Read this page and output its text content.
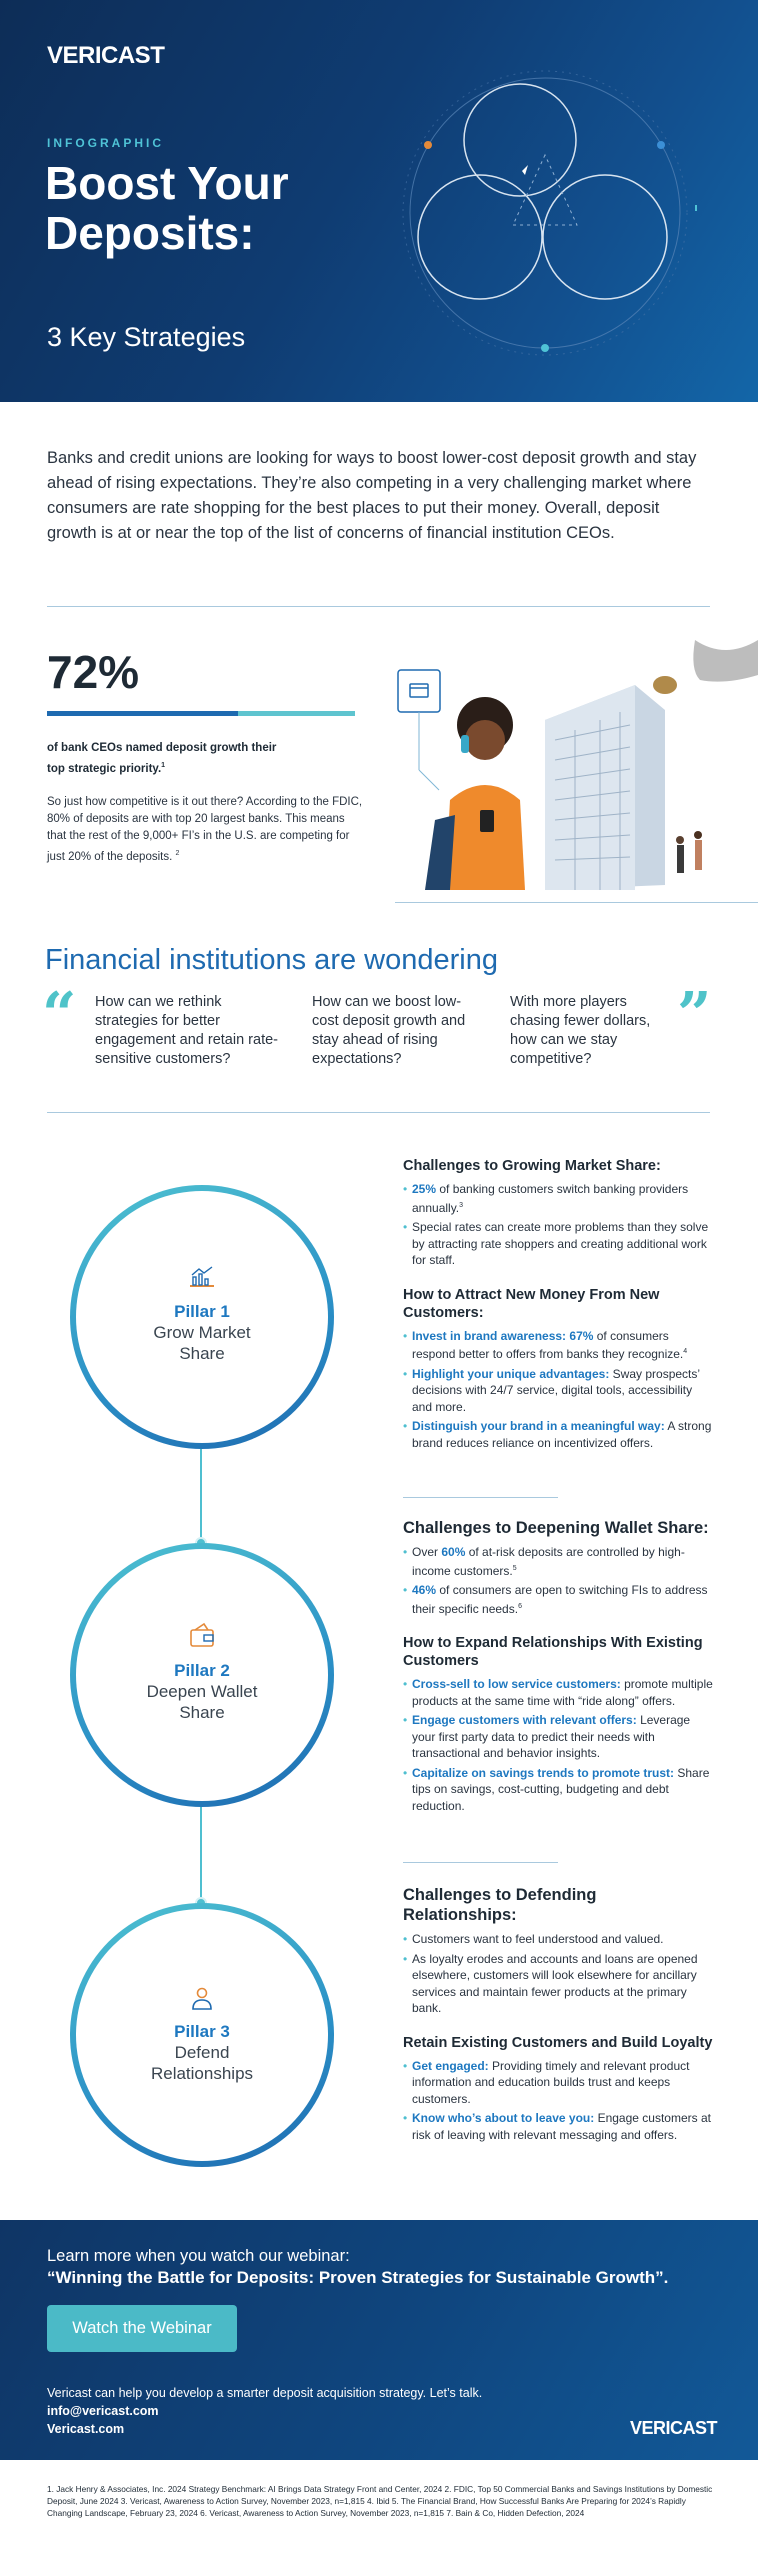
VERICAST
INFOGRAPHIC
Boost Your Deposits:
3 Key Strategies
Banks and credit unions are looking for ways to boost lower-cost deposit growth and stay ahead of rising expectations. They’re also competing in a very challenging market where consumers are rate shopping for the best places to put their money. Overall, deposit growth is at or near the top of the list of concerns of financial institution CEOs.
72%
of bank CEOs named deposit growth their top strategic priority.$^1$
So just how competitive is it out there? According to the FDIC, 80% of deposits are with top 20 largest banks. This means that the rest of the 9,000+ FI’s in the U.S. are competing for just 20% of the deposits. $^2$
Financial institutions are wondering
“ How can we rethink strategies for better engagement and retain rate-sensitive customers?
How can we boost low-cost deposit growth and stay ahead of rising expectations?
With more players chasing fewer dollars, how can we stay competitive?
”
Pillar 1
Grow Market
Share
Pillar 2
Deepen Wallet
Share
Pillar 3
Defend
Relationships
Challenges to Growing Market Share:
• 25% of banking customers switch banking providers annually.$^3$
• Special rates can create more problems than they solve by attracting rate shoppers and creating additional work for staff.
How to Attract New Money From New Customers:
• Invest in brand awareness: 67% of consumers respond better to offers from banks they recognize.$^4$
• Highlight your unique advantages: Sway prospects’ decisions with 24/7 service, digital tools, accessibility and more.
• Distinguish your brand in a meaningful way: A strong brand reduces reliance on incentivized offers.
Challenges to Deepening Wallet Share:
• Over 60% of at-risk deposits are controlled by high-income customers.$^5$
• 46% of consumers are open to switching FIs to address their specific needs.$^6$
How to Expand Relationships With Existing Customers
• Cross-sell to low service customers: promote multiple products at the same time with “ride along” offers.
• Engage customers with relevant offers: Leverage your first party data to predict their needs with transactional and behavior insights.
• Capitalize on savings trends to promote trust: Share tips on savings, cost-cutting, budgeting and debt reduction.
Challenges to Defending Relationships:
• Customers want to feel understood and valued.
• As loyalty erodes and accounts and loans are opened elsewhere, customers will look elsewhere for ancillary services and maintain fewer products at the primary bank.
Retain Existing Customers and Build Loyalty
• Get engaged: Providing timely and relevant product information and education builds trust and keeps customers.
• Know who’s about to leave you: Engage customers at risk of leaving with relevant messaging and offers.
Learn more when you watch our webinar:
“Winning the Battle for Deposits: Proven Strategies for Sustainable Growth”.
Watch the Webinar
Vericast can help you develop a smarter deposit acquisition strategy. Let’s talk.
info@vericast.com
Vericast.com	VERICAST
1. Jack Henry & Associates, Inc. 2024 Strategy Benchmark: AI Brings Data Strategy Front and Center, 2024 2. FDIC, Top 50 Commercial Banks and Savings Institutions by Domestic Deposit, June 2024 3. Vericast, Awareness to Action Survey, November 2023, n=1,815 4. Ibid 5. The Financial Brand, How Successful Banks Are Preparing for 2024’s Rapidly Changing Landscape, February 23, 2024 6. Vericast, Awareness to Action Survey, November 2023, n=1,815 7. Bain & Co, Hidden Defection, 2024
